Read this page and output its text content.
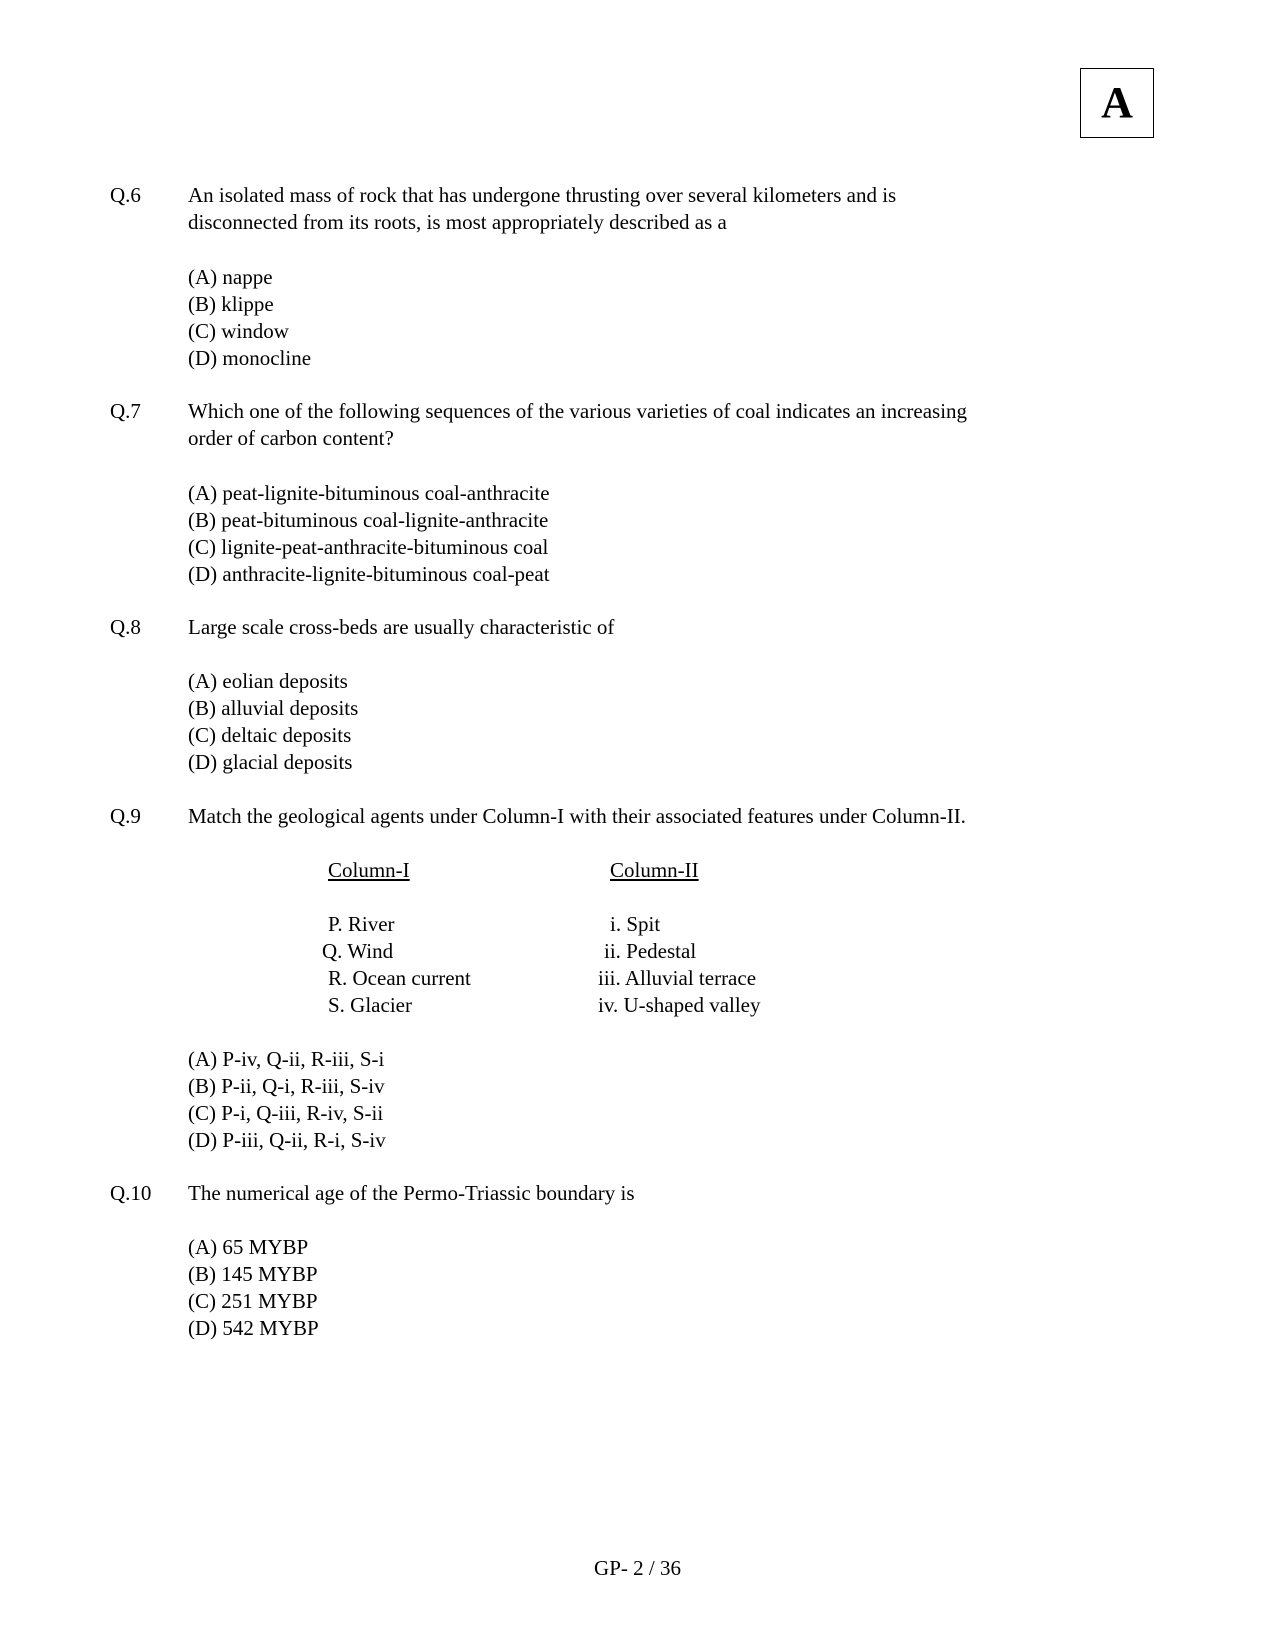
A
Q.6 An isolated mass of rock that has undergone thrusting over several kilometers and is

disconnected from its roots, is most appropriately described as a

(A) nappe
(B) klippe
(C) window
(D) monocline
Q.7 Which one of the following sequences of the various varieties of coal indicates an increasing

order of carbon content?

(A) peat-lignite-bituminous coal-anthracite
(B) peat-bituminous coal-lignite-anthracite
(C) lignite-peat-anthracite-bituminous coal
(D) anthracite-lignite-bituminous coal-peat
Q.8 Large scale cross-beds are usually characteristic of

(A) eolian deposits
(B) alluvial deposits
(C) deltaic deposits
(D) glacial deposits
Q.9 Match the geological agents under Column-I with their associated features under Column-II.

Column-I	Column-II
P. River
Q. Wind
R. Ocean current
S. Glacier
i. Spit
ii. Pedestal
iii. Alluvial terrace
iv. U-shaped valley
(A) P-iv, Q-ii, R-iii, S-i
(B) P-ii, Q-i, R-iii, S-iv
(C) P-i, Q-iii, R-iv, S-ii
(D) P-iii, Q-ii, R-i, S-iv
Q.10 The numerical age of the Permo-Triassic boundary is

(A) 65 MYBP
(B) 145 MYBP
(C) 251 MYBP
(D) 542 MYBP
GP- 2 / 36
